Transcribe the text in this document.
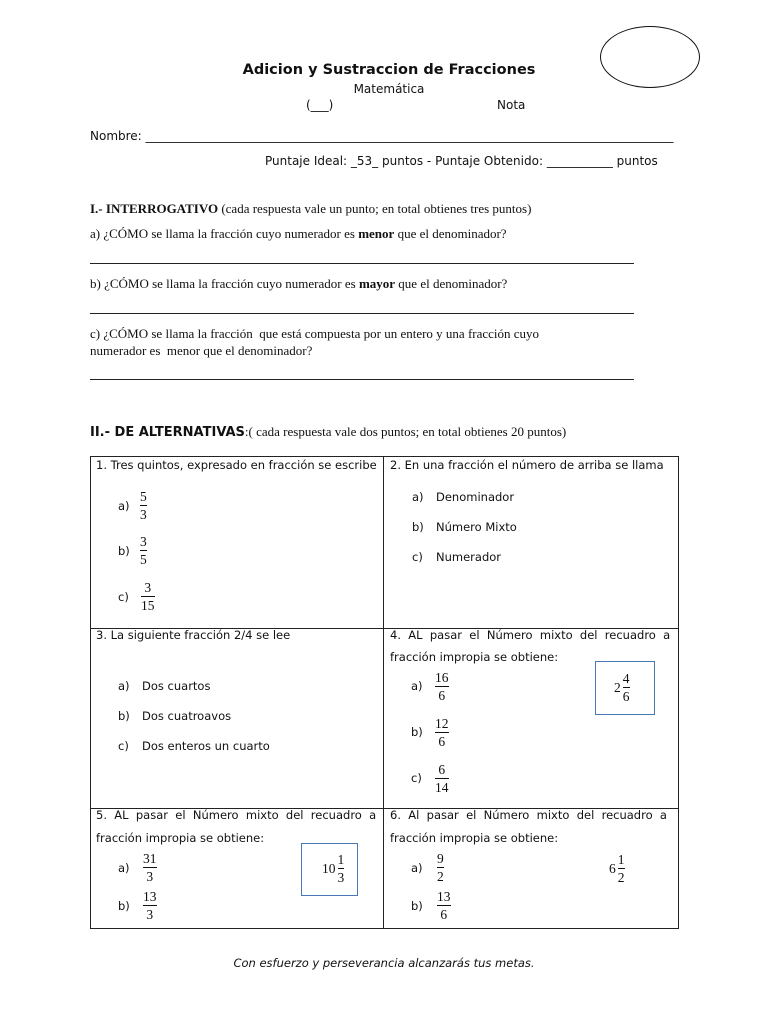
Adicion y Sustraccion de Fracciones
Matemática
(___)	Nota
Nombre: ________________________________________________________________________________________
Puntaje Ideal: _53_ puntos - Puntaje Obtenido: ___________ puntos
I.- INTERROGATIVO (cada respuesta vale un punto; en total obtienes tres puntos)
a) ¿CÓMO se llama la fracción cuyo numerador es menor que el denominador?
b) ¿CÓMO se llama la fracción cuyo numerador es mayor que el denominador?
c) ¿CÓMO se llama la fracción  que está compuesta por un entero y una fracción cuyo
numerador es  menor que el denominador?
II.- DE ALTERNATIVAS:( cada respuesta vale dos puntos; en total obtienes 20 puntos)
1. Tres quintos, expresado en fracción se escribe
a)
5
3
b)
3
5
c)
3
15
2. En una fracción el número de arriba se llama
a) Denominador
b) Número Mixto
c) Numerador
3. La siguiente fracción 2/4 se lee
a) Dos cuartos
b) Dos cuatroavos
c) Dos enteros un cuarto
4.  AL  pasar  el  Número  mixto  del  recuadro  a
fracción impropia se obtiene:
2
4
6
a)
16
6
b)
12
6
c)
6
14
5.  AL  pasar  el  Número  mixto  del  recuadro  a
fracción impropia se obtiene:
10
1
3
a)
31
3
b)
13
3
6.  Al  pasar  el  Número  mixto  del  recuadro  a
fracción impropia se obtiene:
6
1
2
a)
9
2
b)
13
6
Con esfuerzo y perseverancia alcanzarás tus metas.
